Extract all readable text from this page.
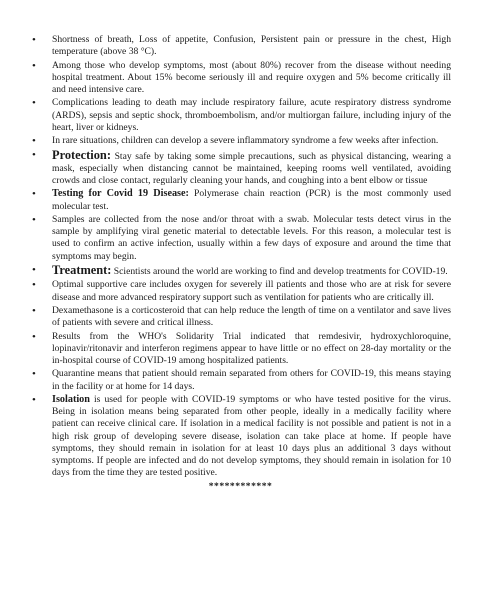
• Shortness of breath, Loss of appetite, Confusion, Persistent pain or pressure in the chest, High temperature (above 38 °C).
• Among those who develop symptoms, most (about 80%) recover from the disease without needing hospital treatment. About 15% become seriously ill and require oxygen and 5% become critically ill and need intensive care.
• Complications leading to death may include respiratory failure, acute respiratory distress syndrome (ARDS), sepsis and septic shock, thromboembolism, and/or multiorgan failure, including injury of the heart, liver or kidneys.
• In rare situations, children can develop a severe inflammatory syndrome a few weeks after infection.
• Protection: Stay safe by taking some simple precautions, such as physical distancing, wearing a mask, especially when distancing cannot be maintained, keeping rooms well ventilated, avoiding crowds and close contact, regularly cleaning your hands, and coughing into a bent elbow or tissue
• Testing for Covid 19 Disease: Polymerase chain reaction (PCR) is the most commonly used molecular test.
• Samples are collected from the nose and/or throat with a swab. Molecular tests detect virus in the sample by amplifying viral genetic material to detectable levels. For this reason, a molecular test is used to confirm an active infection, usually within a few days of exposure and around the time that symptoms may begin.
• Treatment: Scientists around the world are working to find and develop treatments for COVID-19.
• Optimal supportive care includes oxygen for severely ill patients and those who are at risk for severe disease and more advanced respiratory support such as ventilation for patients who are critically ill.
• Dexamethasone is a corticosteroid that can help reduce the length of time on a ventilator and save lives of patients with severe and critical illness.
• Results from the WHO's Solidarity Trial indicated that remdesivir, hydroxychloroquine, lopinavir/ritonavir and interferon regimens appear to have little or no effect on 28-day mortality or the in-hospital course of COVID-19 among hospitalized patients.
• Quarantine means that patient should remain separated from others for COVID-19, this means staying in the facility or at home for 14 days.
• Isolation is used for people with COVID-19 symptoms or who have tested positive for the virus. Being in isolation means being separated from other people, ideally in a medically facility where patient can receive clinical care. If isolation in a medical facility is not possible and patient is not in a high risk group of developing severe disease, isolation can take place at home. If people have symptoms, they should remain in isolation for at least 10 days plus an additional 3 days without symptoms. If people are infected and do not develop symptoms, they should remain in isolation for 10 days from the time they are tested positive.
************
